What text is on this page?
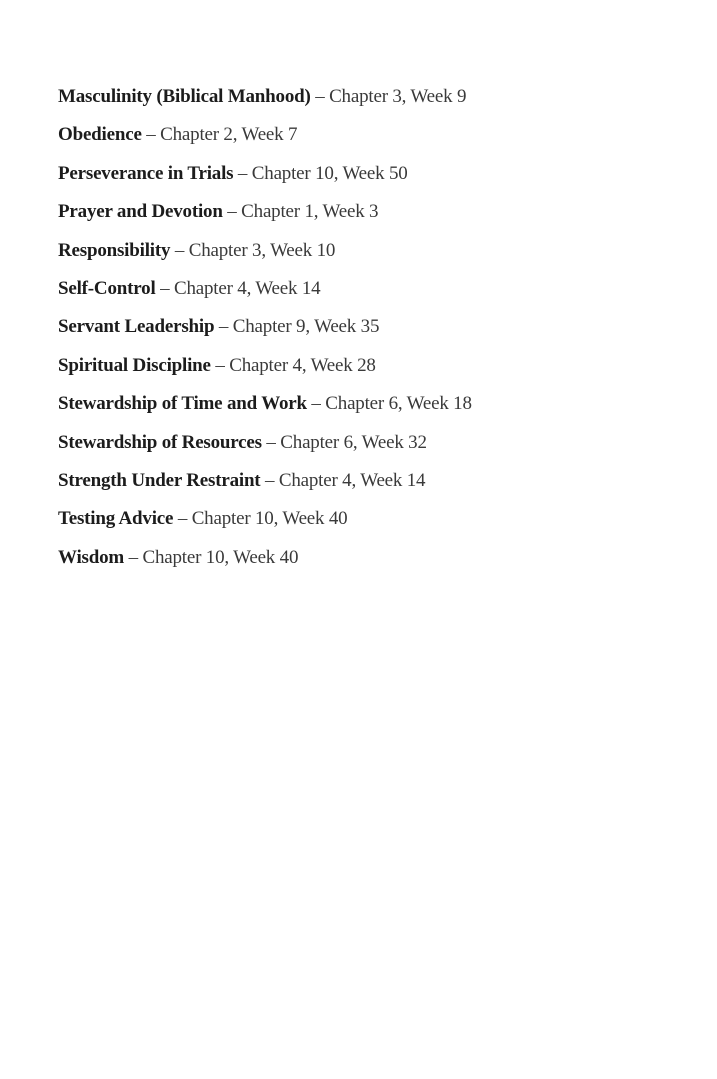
Masculinity (Biblical Manhood) – Chapter 3, Week 9
Obedience – Chapter 2, Week 7
Perseverance in Trials – Chapter 10, Week 50
Prayer and Devotion – Chapter 1, Week 3
Responsibility – Chapter 3, Week 10
Self-Control – Chapter 4, Week 14
Servant Leadership – Chapter 9, Week 35
Spiritual Discipline – Chapter 4, Week 28
Stewardship of Time and Work – Chapter 6, Week 18
Stewardship of Resources – Chapter 6, Week 32
Strength Under Restraint – Chapter 4, Week 14
Testing Advice – Chapter 10, Week 40
Wisdom – Chapter 10, Week 40
